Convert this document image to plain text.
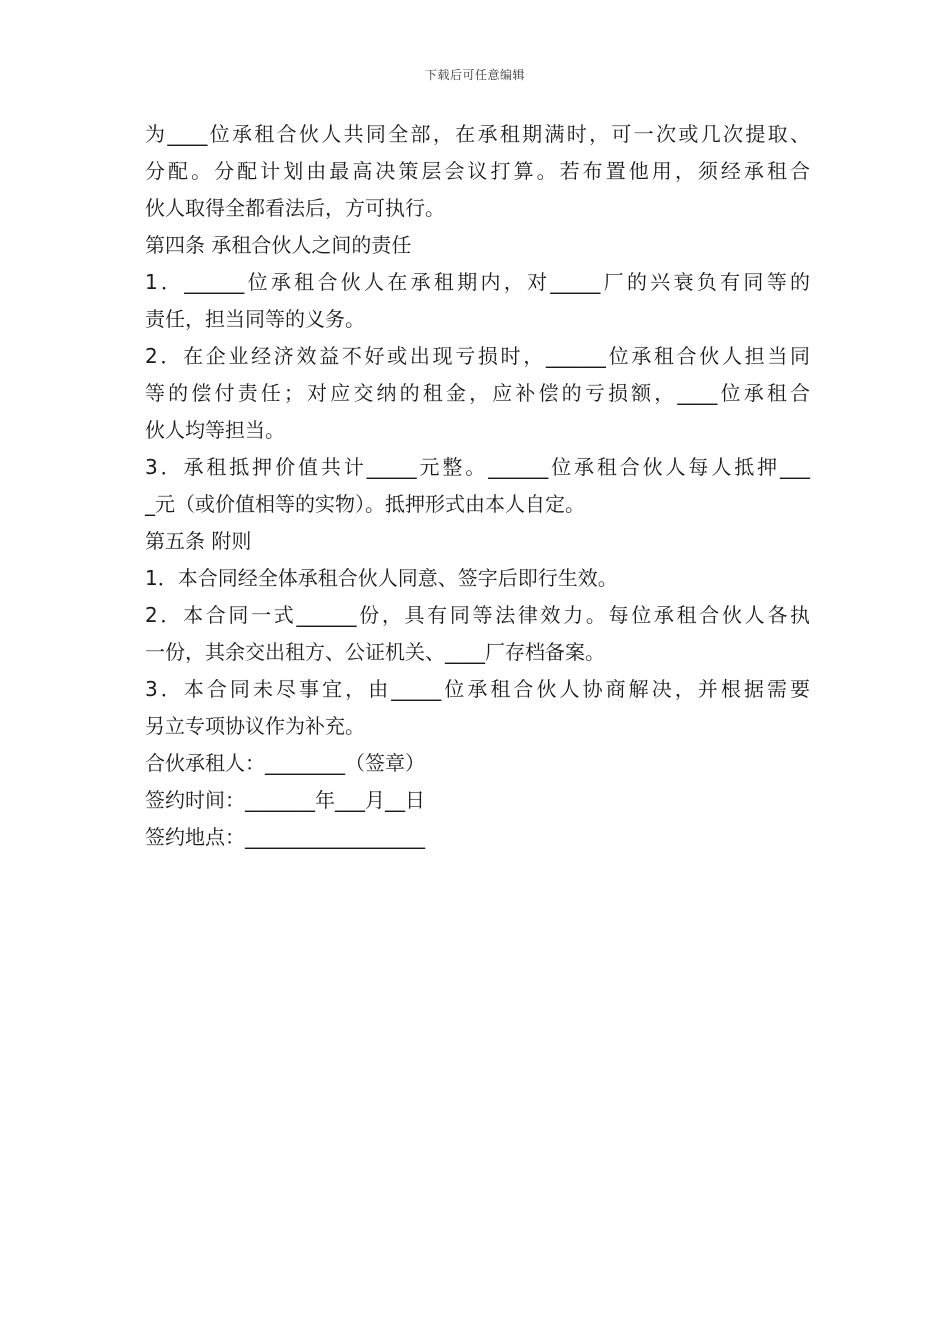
下载后可任意编辑
为____位承租合伙人共同全部，在承租期满时，可一次或几次提取、
分配。分配计划由最高决策层会议打算。若布置他用，须经承租合
伙人取得全都看法后，方可执行。
第四条 承租合伙人之间的责任
1．______位承租合伙人在承租期内，对_____厂的兴衰负有同等的
责任，担当同等的义务。
2．在企业经济效益不好或出现亏损时，______位承租合伙人担当同
等的偿付责任；对应交纳的租金，应补偿的亏损额，____位承租合
伙人均等担当。
3．承租抵押价值共计_____元整。______位承租合伙人每人抵押___
_元（或价值相等的实物）。抵押形式由本人自定。
第五条 附则
1．本合同经全体承租合伙人同意、签字后即行生效。
2．本合同一式______份，具有同等法律效力。每位承租合伙人各执
一份，其余交出租方、公证机关、____厂存档备案。
3．本合同未尽事宜，由_____位承租合伙人协商解决，并根据需要
另立专项协议作为补充。
合伙承租人：________（签章）
签约时间：_______年___月__日
签约地点：__________________
